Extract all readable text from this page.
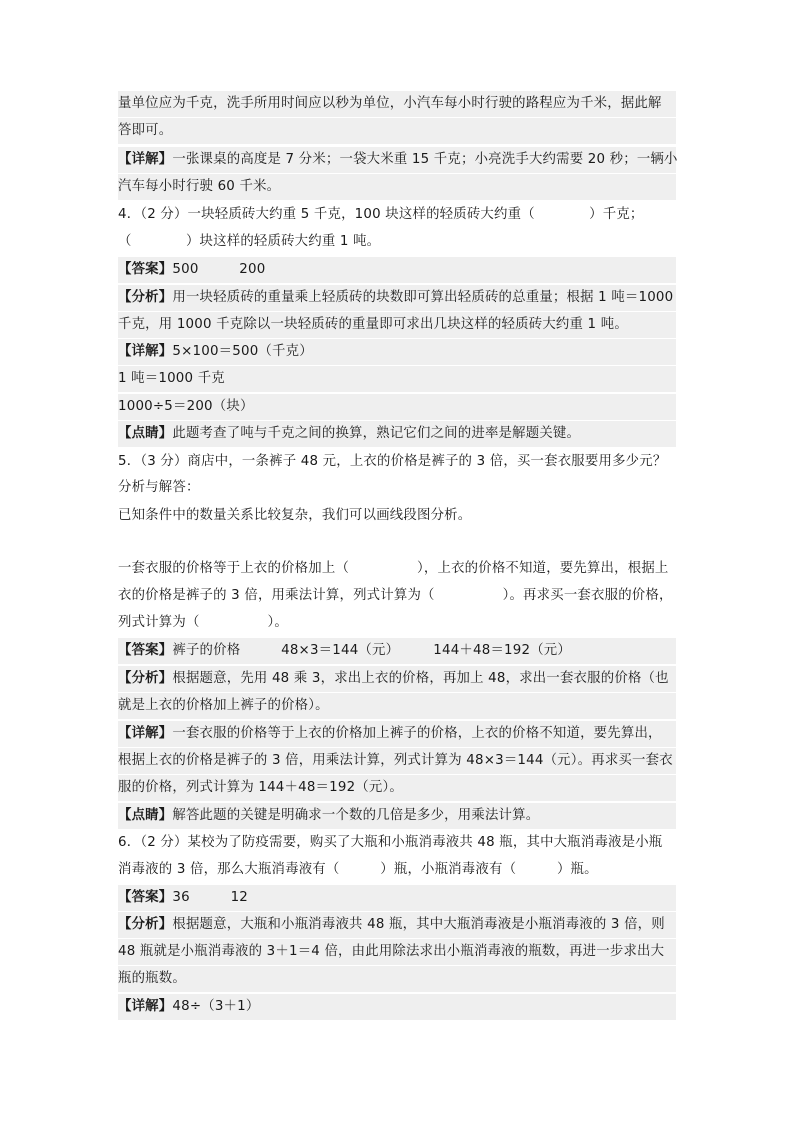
量单位应为千克，洗手所用时间应以秒为单位，小汽车每小时行驶的路程应为千米，据此解
答即可。
【详解】一张课桌的高度是 7 分米；一袋大米重 15 千克；小亮洗手大约需要 20 秒；一辆小
汽车每小时行驶 60 千米。
4．（2 分）一块轻质砖大约重 5 千克，100 块这样的轻质砖大约重（　　　　）千克；
（　　　　）块这样的轻质砖大约重 1 吨。
【答案】500　　　200
【分析】用一块轻质砖的重量乘上轻质砖的块数即可算出轻质砖的总重量；根据 1 吨＝1000
千克，用 1000 千克除以一块轻质砖的重量即可求出几块这样的轻质砖大约重 1 吨。
【详解】5×100＝500（千克）
1 吨＝1000 千克
1000÷5＝200（块）
【点睛】此题考查了吨与千克之间的换算，熟记它们之间的进率是解题关键。
5．（3 分）商店中，一条裤子 48 元，上衣的价格是裤子的 3 倍，买一套衣服要用多少元？
分析与解答：
已知条件中的数量关系比较复杂，我们可以画线段图分析。
一套衣服的价格等于上衣的价格加上（　　　　　），上衣的价格不知道，要先算出，根据上
衣的价格是裤子的 3 倍，用乘法计算，列式计算为（　　　　　）。再求买一套衣服的价格，
列式计算为（　　　　　）。
【答案】裤子的价格　　　48×3＝144（元）　　　144＋48＝192（元）
【分析】根据题意，先用 48 乘 3，求出上衣的价格，再加上 48，求出一套衣服的价格（也
就是上衣的价格加上裤子的价格）。
【详解】一套衣服的价格等于上衣的价格加上裤子的价格，上衣的价格不知道，要先算出，
根据上衣的价格是裤子的 3 倍，用乘法计算，列式计算为 48×3＝144（元）。再求买一套衣
服的价格，列式计算为 144＋48＝192（元）。
【点睛】解答此题的关键是明确求一个数的几倍是多少，用乘法计算。
6．（2 分）某校为了防疫需要，购买了大瓶和小瓶消毒液共 48 瓶，其中大瓶消毒液是小瓶
消毒液的 3 倍，那么大瓶消毒液有（　　　）瓶，小瓶消毒液有（　　　）瓶。
【答案】36　　　12
【分析】根据题意，大瓶和小瓶消毒液共 48 瓶，其中大瓶消毒液是小瓶消毒液的 3 倍，则
48 瓶就是小瓶消毒液的 3＋1＝4 倍，由此用除法求出小瓶消毒液的瓶数，再进一步求出大
瓶的瓶数。
【详解】48÷（3＋1）
